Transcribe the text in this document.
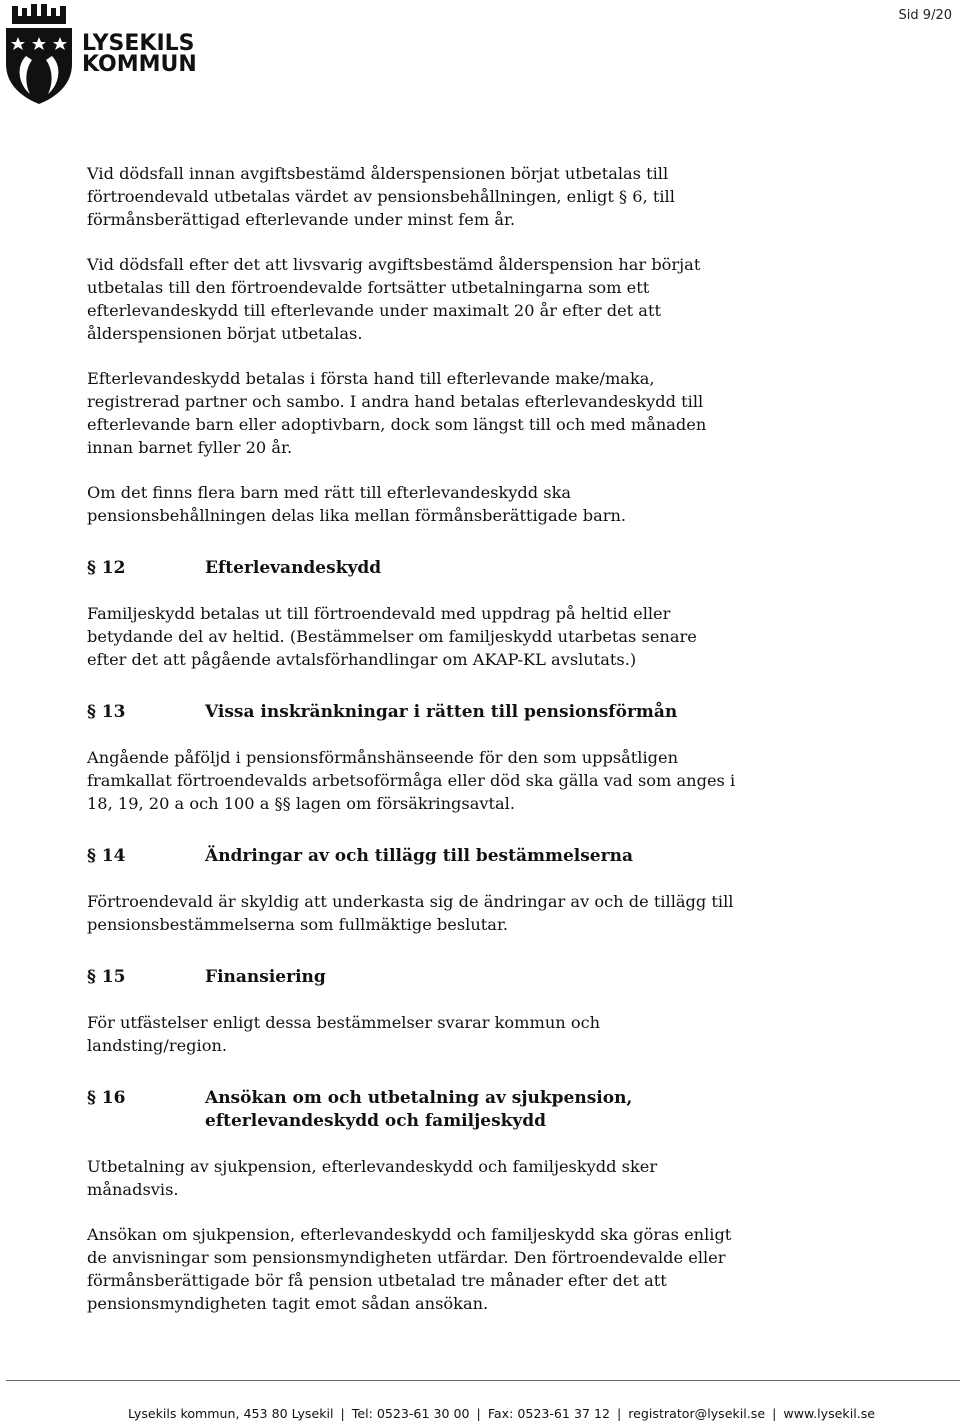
LYSEKILS
KOMMUN
Sid 9/20

Vid dödsfall innan avgiftsbestämd ålderspensionen börjat utbetalas till förtroendevald utbetalas värdet av pensionsbehållningen, enligt § 6, till förmånsberättigad efterlevande under minst fem år.

Vid dödsfall efter det att livsvarig avgiftsbestämd ålderspension har börjat utbetalas till den förtroendevalde fortsätter utbetalningarna som ett efterlevandeskydd till efterlevande under maximalt 20 år efter det att ålderspensionen börjat utbetalas.

Efterlevandeskydd betalas i första hand till efterlevande make/maka, registrerad partner och sambo. I andra hand betalas efterlevandeskydd till efterlevande barn eller adoptivbarn, dock som längst till och med månaden innan barnet fyller 20 år.

Om det finns flera barn med rätt till efterlevandeskydd ska pensionsbehållningen delas lika mellan förmånsberättigade barn.

§ 12	Efterlevandeskydd

Familjeskydd betalas ut till förtroendevald med uppdrag på heltid eller betydande del av heltid. (Bestämmelser om familjeskydd utarbetas senare efter det att pågående avtalsförhandlingar om AKAP-KL avslutats.)

§ 13	Vissa inskränkningar i rätten till pensionsförmån

Angående påföljd i pensionsförmånshänseende för den som uppsåtligen framkallat förtroendevalds arbetsoförmåga eller död ska gälla vad som anges i 18, 19, 20 a och 100 a §§ lagen om försäkringsavtal.

§ 14	Ändringar av och tillägg till bestämmelserna

Förtroendevald är skyldig att underkasta sig de ändringar av och de tillägg till pensionsbestämmelserna som fullmäktige beslutar.

§ 15	Finansiering

För utfästelser enligt dessa bestämmelser svarar kommun och landsting/region.

§ 16	Ansökan om och utbetalning av sjukpension, efterlevandeskydd och familjeskydd

Utbetalning av sjukpension, efterlevandeskydd och familjeskydd sker månadsvis.

Ansökan om sjukpension, efterlevandeskydd och familjeskydd ska göras enligt de anvisningar som pensionsmyndigheten utfärdar. Den förtroendevalde eller förmånsberättigade bör få pension utbetalad tre månader efter det att pensionsmyndigheten tagit emot sådan ansökan.

Lysekils kommun, 453 80 Lysekil | Tel: 0523-61 30 00 | Fax: 0523-61 37 12 | registrator@lysekil.se | www.lysekil.se
